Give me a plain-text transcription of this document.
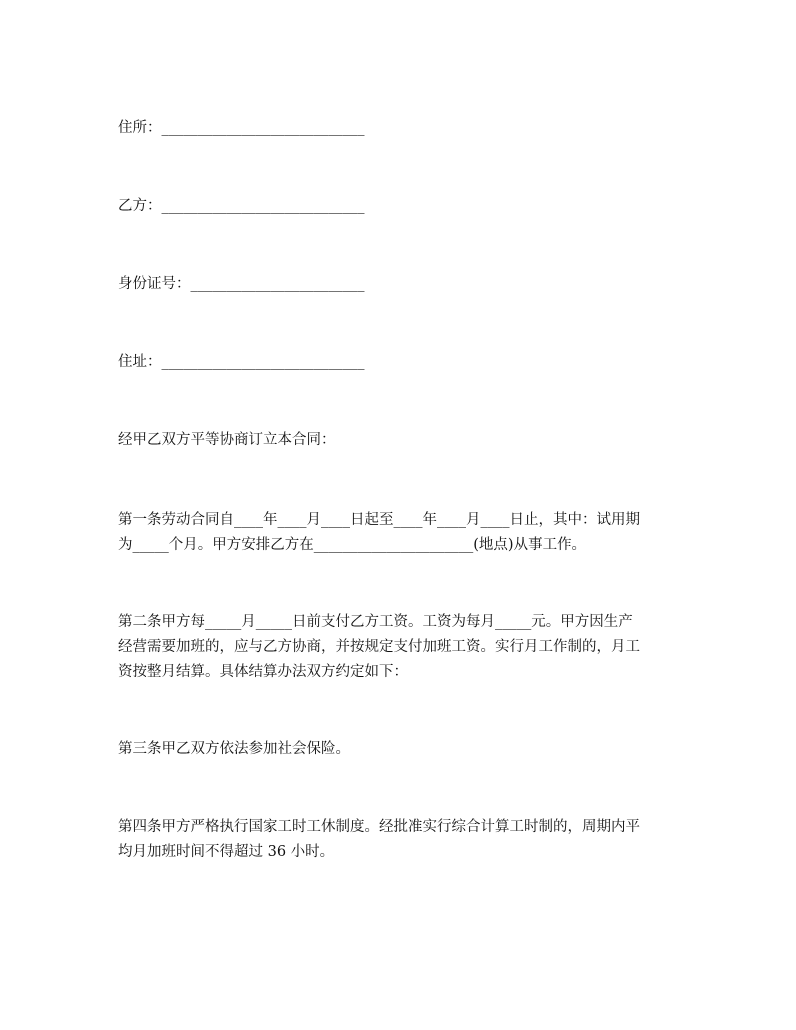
住所：____________________________
乙方：____________________________
身份证号：________________________
住址：____________________________
经甲乙双方平等协商订立本合同：

第一条劳动合同自____年____月____日起至____年____月____日止，其中：试用期

为_____个月。甲方安排乙方在______________________(地点)从事工作。

第二条甲方每_____月_____日前支付乙方工资。工资为每月_____元。甲方因生产

经营需要加班的，应与乙方协商，并按规定支付加班工资。实行月工作制的，月工

资按整月结算。具体结算办法双方约定如下：

第三条甲乙双方依法参加社会保险。

第四条甲方严格执行国家工时工休制度。经批准实行综合计算工时制的，周期内平

均月加班时间不得超过 36 小时。
